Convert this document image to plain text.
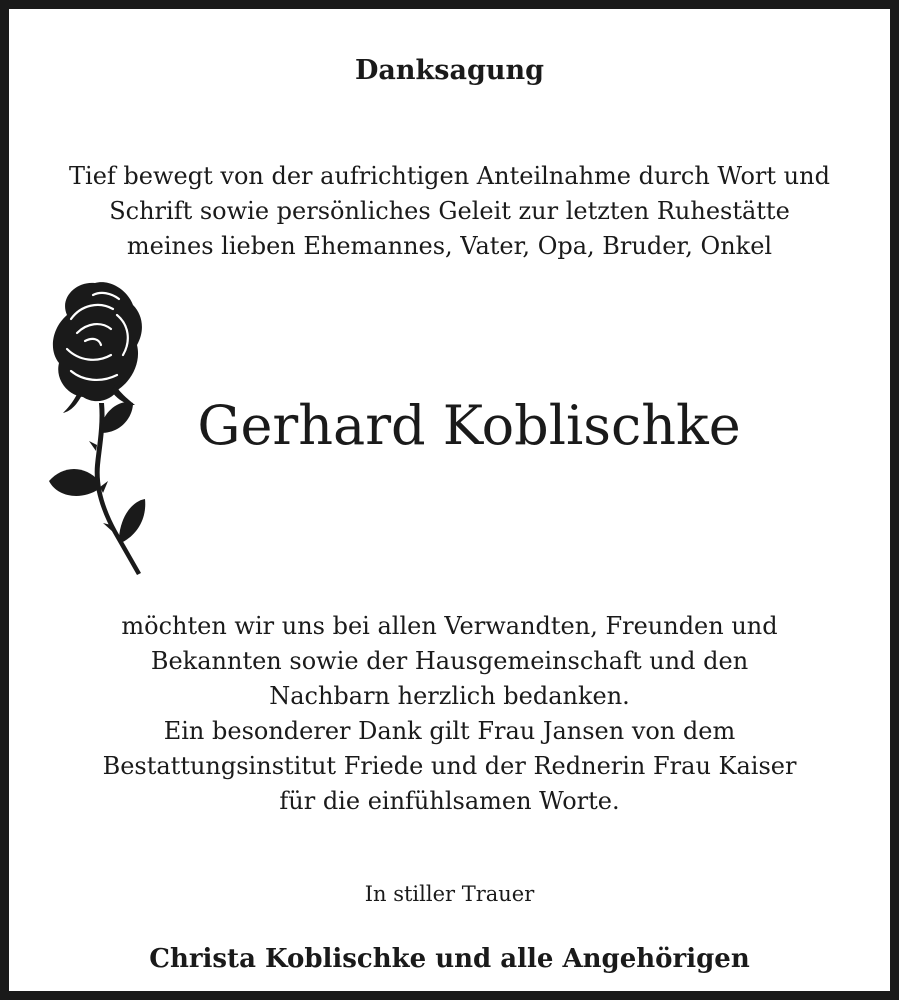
Danksagung
Tief bewegt von der aufrichtigen Anteilnahme durch Wort und
Schrift sowie persönliches Geleit zur letzten Ruhestätte
meines lieben Ehemannes, Vater, Opa, Bruder, Onkel
Gerhard Koblischke
möchten wir uns bei allen Verwandten, Freunden und
Bekannten sowie der Hausgemeinschaft und den
Nachbarn herzlich bedanken.
Ein besonderer Dank gilt Frau Jansen von dem
Bestattungsinstitut Friede und der Rednerin Frau Kaiser
für die einfühlsamen Worte.
In stiller Trauer
Christa Koblischke und alle Angehörigen
